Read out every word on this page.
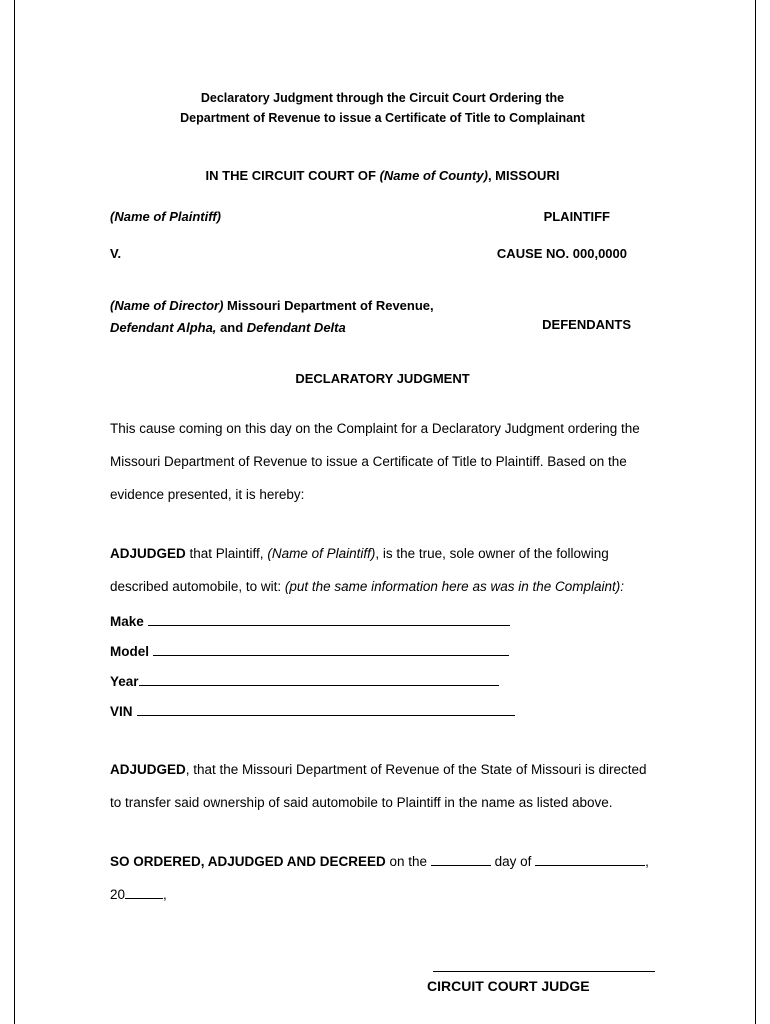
Declaratory Judgment through the Circuit Court Ordering the
Department of Revenue to issue a Certificate of Title to Complainant
IN THE CIRCUIT COURT OF (Name of County), MISSOURI
(Name of Plaintiff)	PLAINTIFF
V.	CAUSE NO. 000,0000
(Name of Director) Missouri Department of Revenue,
Defendant Alpha, and Defendant Delta	DEFENDANTS
DECLARATORY JUDGMENT

This cause coming on this day on the Complaint for a Declaratory Judgment ordering the Missouri Department of Revenue to issue a Certificate of Title to Plaintiff. Based on the evidence presented, it is hereby:

ADJUDGED that Plaintiff, (Name of Plaintiff), is the true, sole owner of the following described automobile, to wit: (put the same information here as was in the Complaint):

Make
Model
Year
VIN

ADJUDGED, that the Missouri Department of Revenue of the State of Missouri is directed to transfer said ownership of said automobile to Plaintiff in the name as listed above.

SO ORDERED, ADJUDGED AND DECREED on the	day of	,
20	,

CIRCUIT COURT JUDGE
